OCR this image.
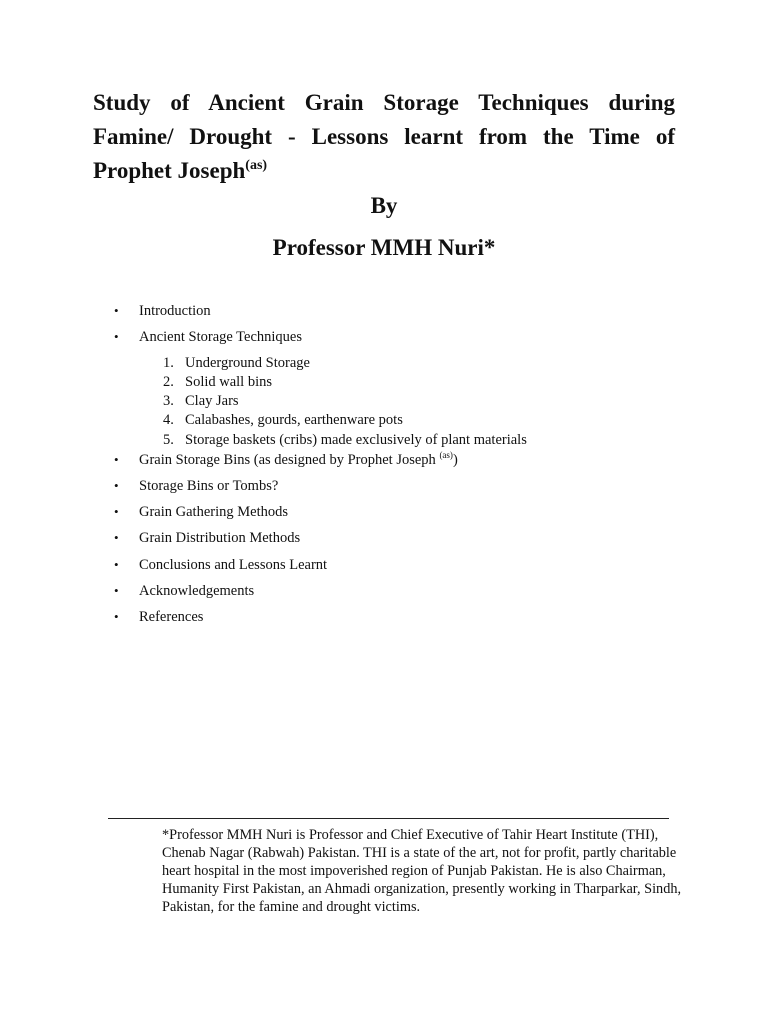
Study of Ancient Grain Storage Techniques during Famine/ Drought - Lessons learnt from the Time of Prophet Joseph$^{(as)}$

By

Professor MMH Nuri*

• Introduction
• Ancient Storage Techniques
1. Underground Storage
2. Solid wall bins
3. Clay Jars
4. Calabashes, gourds, earthenware pots
5. Storage baskets (cribs) made exclusively of plant materials
• Grain Storage Bins (as designed by Prophet Joseph $^{(as)}$)
• Storage Bins or Tombs?
• Grain Gathering Methods
• Grain Distribution Methods
• Conclusions and Lessons Learnt
• Acknowledgements
• References

*Professor MMH Nuri is Professor and Chief Executive of Tahir Heart Institute (THI), Chenab Nagar (Rabwah) Pakistan. THI is a state of the art, not for profit, partly charitable heart hospital in the most impoverished region of Punjab Pakistan. He is also Chairman, Humanity First Pakistan, an Ahmadi organization, presently working in Tharparkar, Sindh, Pakistan, for the famine and drought victims.
